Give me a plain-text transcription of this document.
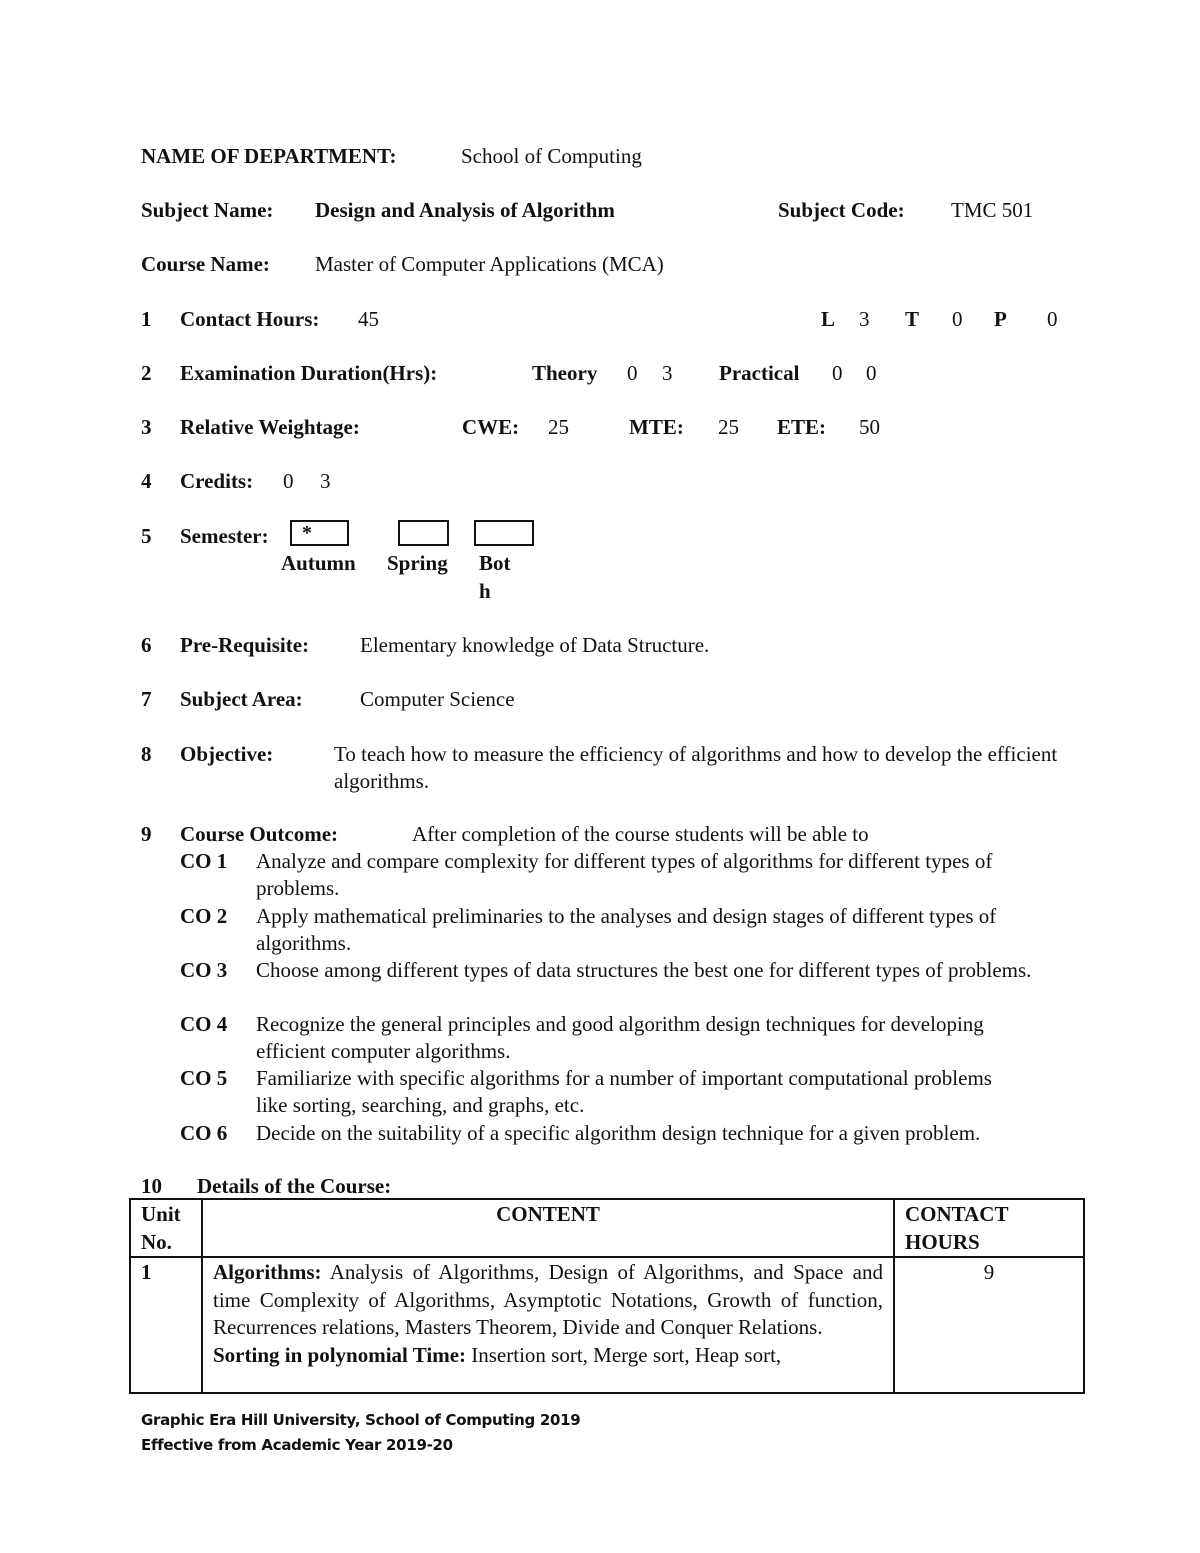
NAME OF DEPARTMENT:	School of Computing
Subject Name: Design and Analysis of Algorithm	Subject Code: TMC 501
Course Name: Master of Computer Applications (MCA)
1 Contact Hours: 45	L 3 T 0 P 0
2 Examination Duration(Hrs):	Theory 0 3 Practical 0 0
3 Relative Weightage:	CWE: 25	MTE: 25 ETE: 50
4 Credits: 0 3
5 Semester:	*
Autumn Spring Bot
h
6 Pre-Requisite: Elementary knowledge of Data Structure.
7 Subject Area:	Computer Science
8 Objective:	To teach how to measure the efficiency of algorithms and how to develop the efficient algorithms.
9 Course Outcome:	After completion of the course students will be able to
CO 1 Analyze and compare complexity for different types of algorithms for different types of problems.
CO 2 Apply mathematical preliminaries to the analyses and design stages of different types of algorithms.
CO 3 Choose among different types of data structures the best one for different types of problems.
CO 4 Recognize the general principles and good algorithm design techniques for developing efficient computer algorithms.
CO 5 Familiarize with specific algorithms for a number of important computational problems like sorting, searching, and graphs, etc.
CO 6 Decide on the suitability of a specific algorithm design technique for a given problem.
10 Details of the Course:
Unit No.	CONTENT	CONTACT HOURS
1	Algorithms: Analysis of Algorithms, Design of Algorithms, and Space and time Complexity of Algorithms, Asymptotic Notations, Growth of function, Recurrences relations, Masters Theorem, Divide and Conquer Relations.
Sorting in polynomial Time: Insertion sort, Merge sort, Heap sort,	9
Graphic Era Hill University, School of Computing 2019
Effective from Academic Year 2019-20
